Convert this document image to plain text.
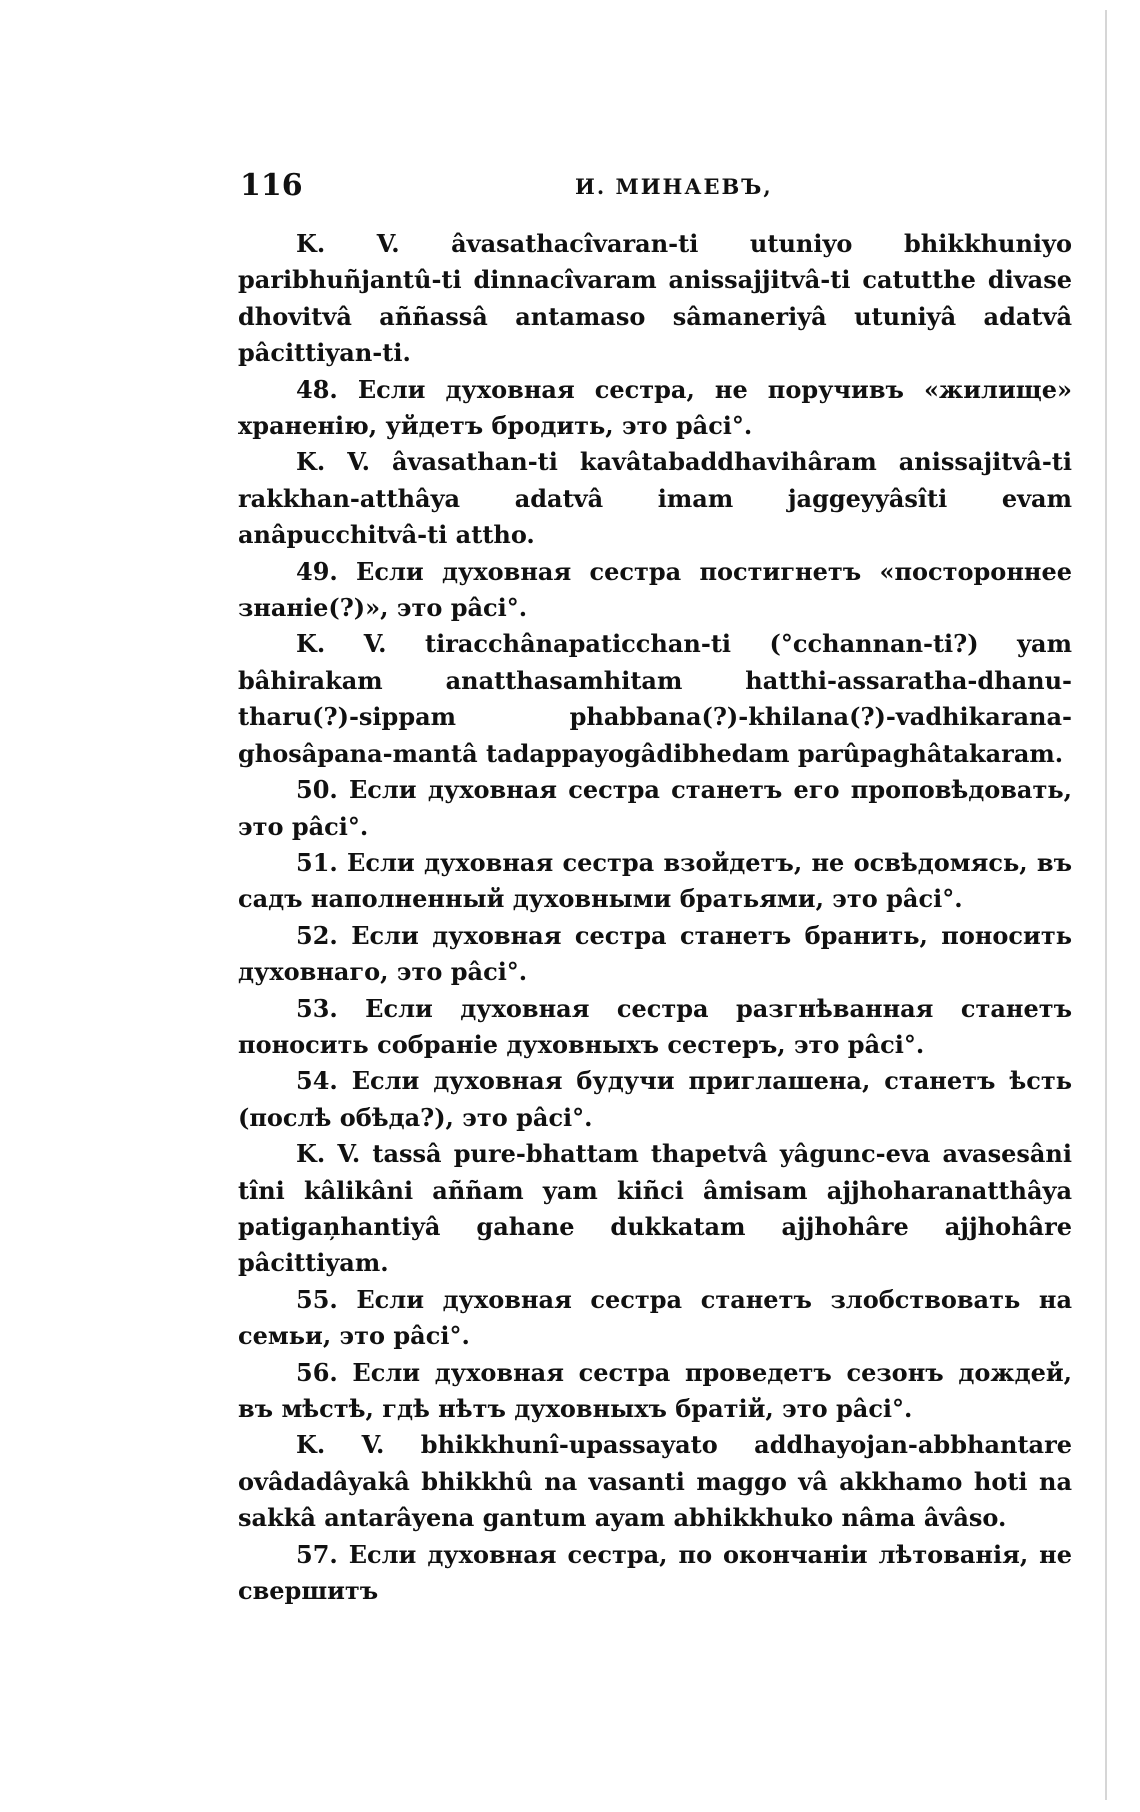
116	И. МИНАЕВЪ,

K. V. âvasathacîvaran-ti utuniyo bhikkhuniyo paribhuñjantû-ti dinnacîvaram anissajjitvâ-ti catutthe divase dhovitvâ aññassâ antamaso sâmaneriyâ utuniyâ adatvâ pâcittiyan-ti.

48. Если духовная сестра, не поручивъ «жилище» храненію, уйдетъ бродить, это pâci°.

K. V. âvasathan-ti kavâtabaddhavihâram anissajitvâ-ti rakkhan-atthâya adatvâ imam jaggeyyâsîti evam anâpucchitvâ-ti attho.

49. Если духовная сестра постигнетъ «постороннее знаніе(?)», это pâci°.

K. V. tiracchânapaticchan-ti (°cchannan-ti?) yam bâhirakam anatthasamhitam hatthi-assaratha-dhanu-tharu(?)-sippam phabbana(?)-khilana(?)-vadhikarana-ghosâpana-mantâ tadappayogâdibhedam parûpaghâtakaram.

50. Если духовная сестра станетъ его проповѣдовать, это pâci°.

51. Если духовная сестра взойдетъ, не освѣдомясь, въ садъ наполненный духовными братьями, это pâci°.

52. Если духовная сестра станетъ бранить, поносить духовнаго, это pâci°.

53. Если духовная сестра разгнѣванная станетъ поносить собраніе духовныхъ сестеръ, это pâci°.

54. Если духовная будучи приглашена, станетъ ѣсть (послѣ обѣда?), это pâci°.

K. V. tassâ pure-bhattam thapetvâ yâgunc-eva avasesâni tîni kâlikâni aññam yam kiñci âmisam ajjhoharanatthâya patigaņhantiyâ gahane dukkatam ajjhohâre ajjhohâre pâcittiyam.

55. Если духовная сестра станетъ злобствовать на семьи, это pâci°.

56. Если духовная сестра проведетъ сезонъ дождей, въ мѣстѣ, гдѣ нѣтъ духовныхъ братій, это pâci°.

K. V. bhikkhunî-upassayato addhayojan-abbhantare ovâdadâyakâ bhikkhû na vasanti maggo vâ akkhamo hoti na sakkâ antarâyena gantum ayam abhikkhuko nâma âvâso.

57. Если духовная сестра, по окончаніи лѣтованія, не свершитъ
